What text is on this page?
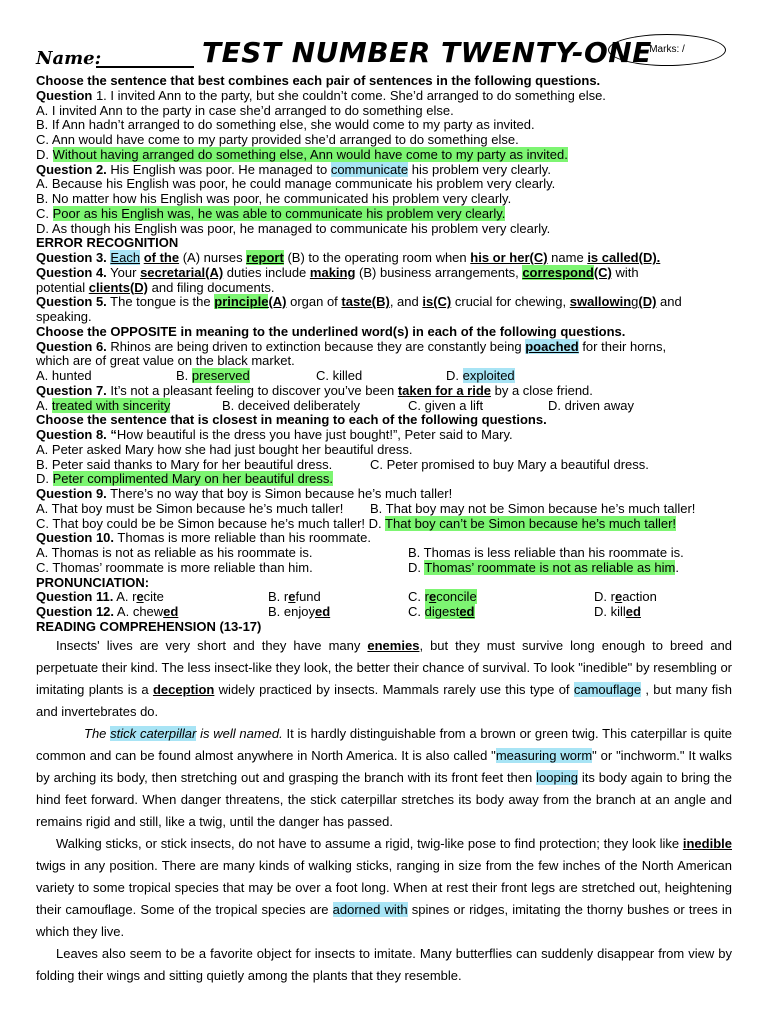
Name:	TEST NUMBER TWENTY-ONE
Marks: /
Choose the sentence that best combines each pair of sentences in the following questions.
Question 1. I invited Ann to the party, but she couldn’t come. She’d arranged to do something else.
A. I invited Ann to the party in case she’d arranged to do something else.
B. If Ann hadn’t arranged to do something else, she would come to my party as invited.
C. Ann would have come to my party provided she’d arranged to do something else.
D. Without having arranged do something else, Ann would have come to my party as invited.
Question 2. His English was poor. He managed to communicate his problem very clearly.
A. Because his English was poor, he could manage communicate his problem very clearly.
B. No matter how his English was poor, he communicated his problem very clearly.
C. Poor as his English was, he was able to communicate his problem very clearly.
D. As though his English was poor, he managed to communicate his problem very clearly.
ERROR RECOGNITION
Question 3. Each of the (A) nurses report (B) to the operating room when his or her(C) name is called(D).
Question 4. Your secretarial(A) duties include making (B) business arrangements, correspond(C) with
potential clients(D) and filing documents.
Question 5. The tongue is the principle(A) organ of taste(B), and is(C) crucial for chewing, swallowing(D) and
speaking.
Choose the OPPOSITE in meaning to the underlined word(s) in each of the following questions.
Question 6. Rhinos are being driven to extinction because they are constantly being poached for their horns,
which are of great value on the black market.
A. hunted	B. preserved	C. killed	D. exploited
Question 7. It’s not a pleasant feeling to discover you’ve been taken for a ride by a close friend.
A. treated with sincerity	B. deceived deliberately	C. given a lift	D. driven away
Choose the sentence that is closest in meaning to each of the following questions.
Question 8. “How beautiful is the dress you have just bought!”, Peter said to Mary.
A. Peter asked Mary how she had just bought her beautiful dress.
B. Peter said thanks to Mary for her beautiful dress.	C. Peter promised to buy Mary a beautiful dress.
D. Peter complimented Mary on her beautiful dress.
Question 9. There’s no way that boy is Simon because he’s much taller!
A. That boy must be Simon because he’s much taller!	B. That boy may not be Simon because he’s much taller!
C. That boy could be be Simon because he’s much taller! D. That boy can’t be Simon because he’s much taller!
Question 10. Thomas is more reliable than his roommate.
A. Thomas is not as reliable as his roommate is.	B. Thomas is less reliable than his roommate is.
C. Thomas’ roommate is more reliable than him.	D. Thomas’ roommate is not as reliable as him.
PRONUNCIATION:
Question 11. A. recite	B. refund	C. reconcile	D. reaction
Question 12. A. chewed	B. enjoyed	C. digested	D. killed
READING COMPREHENSION (13-17)

Insects' lives are very short and they have many enemies, but they must survive long enough to breed and perpetuate their kind. The less insect-like they look, the better their chance of survival. To look "inedible" by resembling or imitating plants is a deception widely practiced by insects. Mammals rarely use this type of camouflage , but many fish and invertebrates do.

The stick caterpillar is well named. It is hardly distinguishable from a brown or green twig. This caterpillar is quite common and can be found almost anywhere in North America. It is also called "measuring worm" or "inchworm." It walks by arching its body, then stretching out and grasping the branch with its front feet then looping its body again to bring the hind feet forward. When danger threatens, the stick caterpillar stretches its body away from the branch at an angle and remains rigid and still, like a twig, until the danger has passed.

Walking sticks, or stick insects, do not have to assume a rigid, twig-like pose to find protection; they look like inedible twigs in any position. There are many kinds of walking sticks, ranging in size from the few inches of the North American variety to some tropical species that may be over a foot long. When at rest their front legs are stretched out, heightening their camouflage. Some of the tropical species are adorned with spines or ridges, imitating the thorny bushes or trees in which they live.

Leaves also seem to be a favorite object for insects to imitate. Many butterflies can suddenly disappear from view by folding their wings and sitting quietly among the plants that they resemble.
